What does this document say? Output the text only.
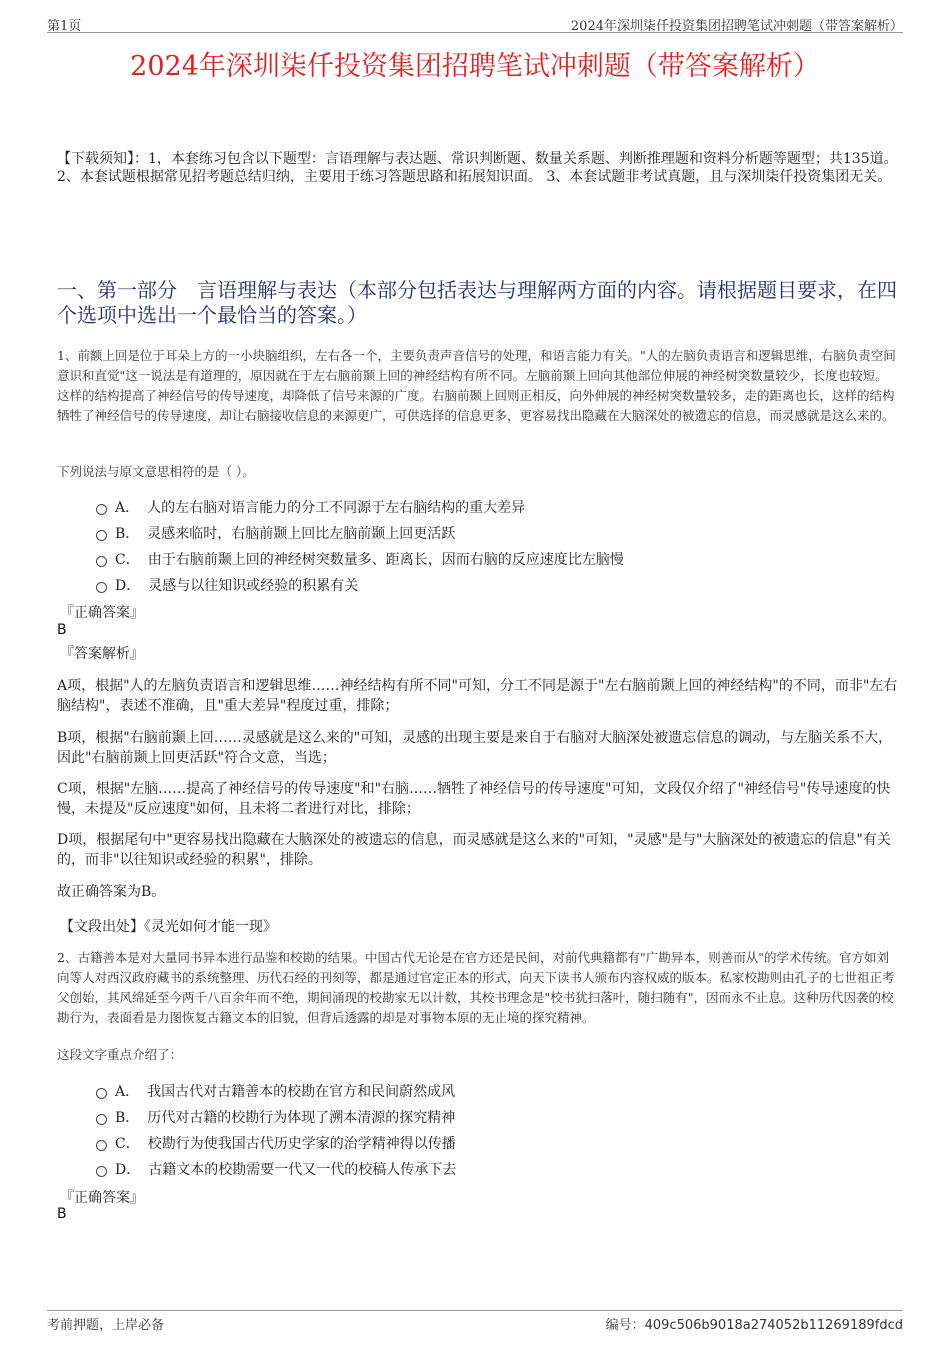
第1页	2024年深圳柒仟投资集团招聘笔试冲刺题（带答案解析）
2024年深圳柒仟投资集团招聘笔试冲刺题（带答案解析）
【下载须知】：1，本套练习包含以下题型：言语理解与表达题、常识判断题、数量关系题、判断推理题和资料分析题等题型；共135道。 2、本套试题根据常见招考题总结归纳，主要用于练习答题思路和拓展知识面。 3、本套试题非考试真题，且与深圳柒仟投资集团无关。
一、第一部分　言语理解与表达（本部分包括表达与理解两方面的内容。请根据题目要求，在四个选项中选出一个最恰当的答案。）
1、前额上回是位于耳朵上方的一小块脑组织，左右各一个，主要负责声音信号的处理，和语言能力有关。"人的左脑负责语言和逻辑思维，右脑负责空间意识和直觉"这一说法是有道理的，原因就在于左右脑前颞上回的神经结构有所不同。左脑前颞上回向其他部位伸展的神经树突数量较少，长度也较短。这样的结构提高了神经信号的传导速度，却降低了信号来源的广度。右脑前颞上回则正相反，向外伸展的神经树突数量较多，走的距离也长，这样的结构牺牲了神经信号的传导速度，却让右脑接收信息的来源更广，可供选择的信息更多，更容易找出隐藏在大脑深处的被遗忘的信息，而灵感就是这么来的。
下列说法与原文意思相符的是（ ）。
A． 人的左右脑对语言能力的分工不同源于左右脑结构的重大差异
B． 灵感来临时，右脑前颞上回比左脑前颞上回更活跃
C． 由于右脑前颞上回的神经树突数量多、距离长，因而右脑的反应速度比左脑慢
D． 灵感与以往知识或经验的积累有关
『正确答案』
B
『答案解析』
A项，根据"人的左脑负责语言和逻辑思维……神经结构有所不同"可知，分工不同是源于"左右脑前颞上回的神经结构"的不同，而非"左右脑结构"，表述不准确，且"重大差异"程度过重，排除；
B项，根据"右脑前颞上回……灵感就是这么来的"可知，灵感的出现主要是来自于右脑对大脑深处被遗忘信息的调动，与左脑关系不大，因此"右脑前颞上回更活跃"符合文意，当选；
C项，根据"左脑……提高了神经信号的传导速度"和"右脑……牺牲了神经信号的传导速度"可知，文段仅介绍了"神经信号"传导速度的快慢，未提及"反应速度"如何，且未将二者进行对比，排除；
D项，根据尾句中"更容易找出隐藏在大脑深处的被遗忘的信息，而灵感就是这么来的"可知，"灵感"是与"大脑深处的被遗忘的信息"有关的，而非"以往知识或经验的积累"，排除。
故正确答案为B。
【文段出处】《灵光如何才能一现》
2、古籍善本是对大量同书异本进行品鉴和校勘的结果。中国古代无论是在官方还是民间，对前代典籍都有"广勘异本，则善而从"的学术传统。官方如刘向等人对西汉政府藏书的系统整理、历代石经的刊刻等，都是通过官定正本的形式，向天下读书人颁布内容权威的版本。私家校勘则由孔子的七世祖正考父创始，其风绵延至今两千八百余年而不绝，期间涌现的校勘家无以计数，其校书理念是"校书犹扫落叶，随扫随有"，因而永不止息。这种历代因袭的校勘行为，表面看是力图恢复古籍文本的旧貌，但背后透露的却是对事物本原的无止境的探究精神。
这段文字重点介绍了：
A． 我国古代对古籍善本的校勘在官方和民间蔚然成风
B． 历代对古籍的校勘行为体现了溯本清源的探究精神
C． 校勘行为使我国古代历史学家的治学精神得以传播
D． 古籍文本的校勘需要一代又一代的校稿人传承下去
『正确答案』
B
考前押题，上岸必备	编号：409c506b9018a274052b11269189fdcd
